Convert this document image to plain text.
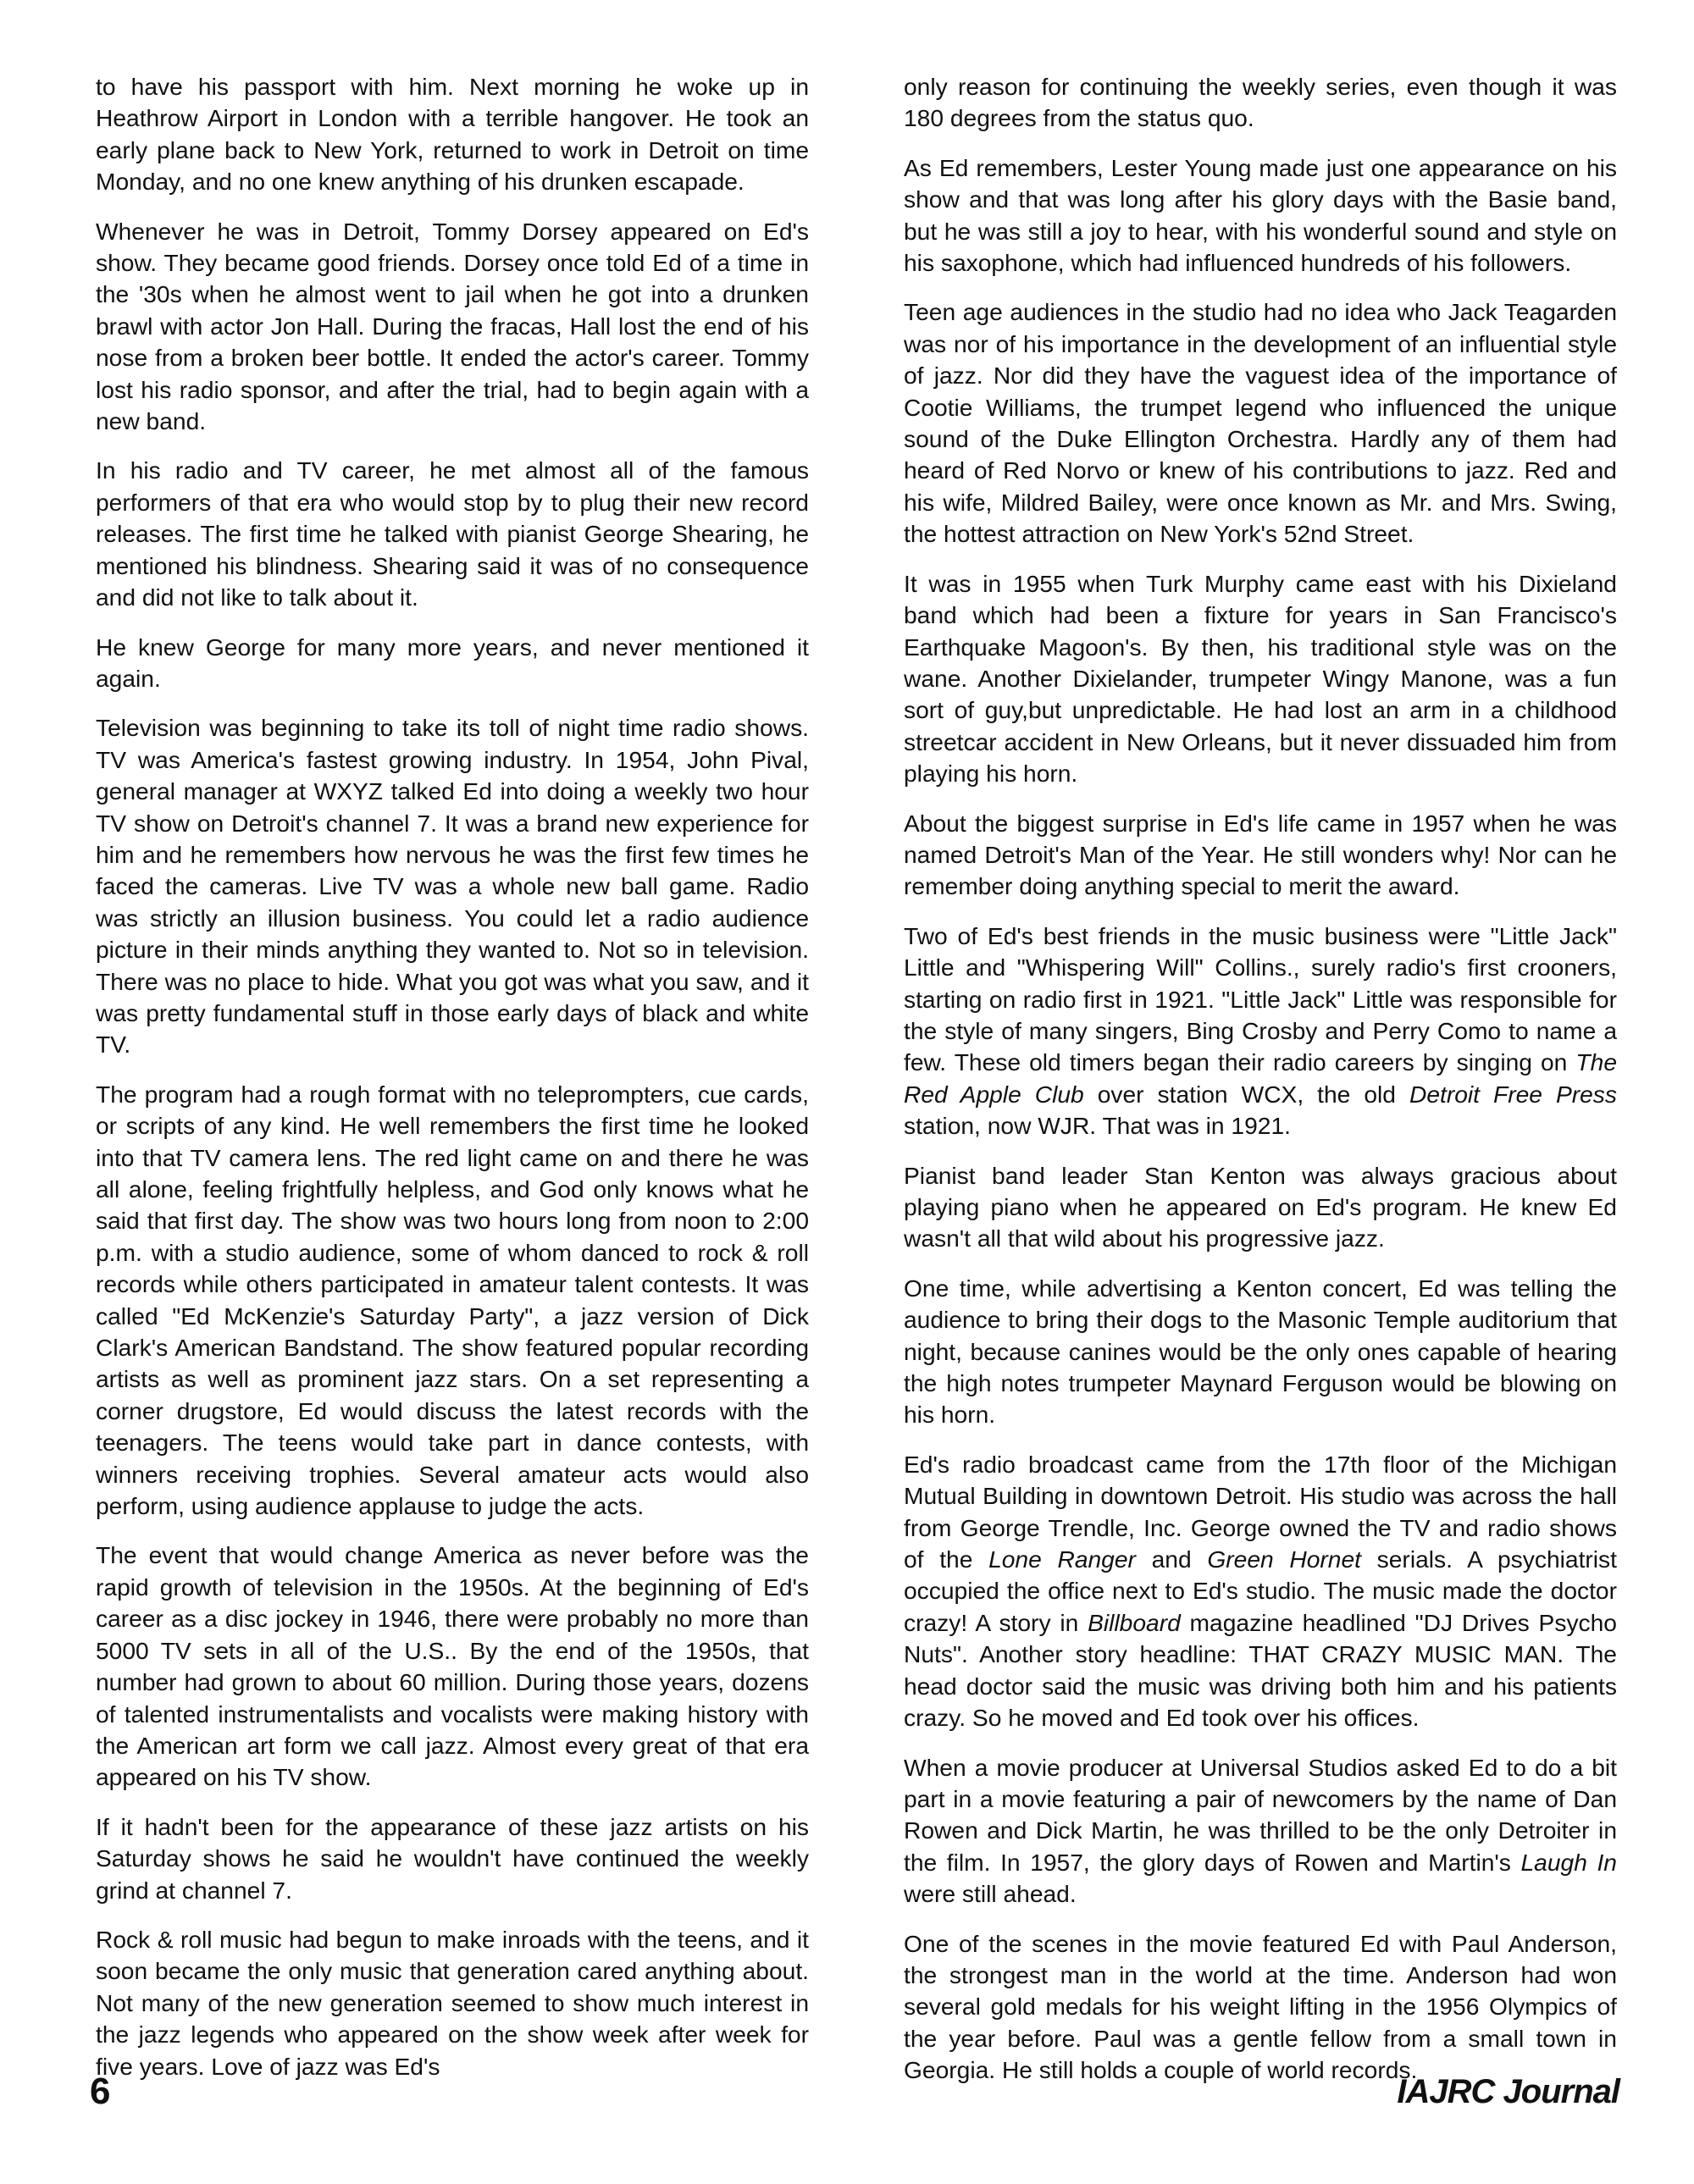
to have his passport with him. Next morning he woke up in Heathrow Airport in London with a terrible hangover. He took an early plane back to New York, returned to work in Detroit on time Monday, and no one knew anything of his drunken escapade.

Whenever he was in Detroit, Tommy Dorsey appeared on Ed's show. They became good friends. Dorsey once told Ed of a time in the '30s when he almost went to jail when he got into a drunken brawl with actor Jon Hall. During the fracas, Hall lost the end of his nose from a broken beer bottle. It ended the actor's career. Tommy lost his radio sponsor, and after the trial, had to begin again with a new band.

In his radio and TV career, he met almost all of the famous performers of that era who would stop by to plug their new record releases. The first time he talked with pianist George Shearing, he mentioned his blindness. Shearing said it was of no consequence and did not like to talk about it.

He knew George for many more years, and never mentioned it again.

Television was beginning to take its toll of night time radio shows. TV was America's fastest growing industry. In 1954, John Pival, general manager at WXYZ talked Ed into doing a weekly two hour TV show on Detroit's channel 7. It was a brand new experience for him and he remembers how nervous he was the first few times he faced the cameras. Live TV was a whole new ball game. Radio was strictly an illusion business. You could let a radio audience picture in their minds anything they wanted to. Not so in television. There was no place to hide. What you got was what you saw, and it was pretty fundamental stuff in those early days of black and white TV.

The program had a rough format with no teleprompters, cue cards, or scripts of any kind. He well remembers the first time he looked into that TV camera lens. The red light came on and there he was all alone, feeling frightfully helpless, and God only knows what he said that first day. The show was two hours long from noon to 2:00 p.m. with a studio audience, some of whom danced to rock & roll records while others participated in amateur talent contests. It was called "Ed McKenzie's Saturday Party", a jazz version of Dick Clark's American Bandstand. The show featured popular recording artists as well as prominent jazz stars. On a set representing a corner drugstore, Ed would discuss the latest records with the teenagers. The teens would take part in dance contests, with winners receiving trophies. Several amateur acts would also perform, using audience applause to judge the acts.

The event that would change America as never before was the rapid growth of television in the 1950s. At the beginning of Ed's career as a disc jockey in 1946, there were probably no more than 5000 TV sets in all of the U.S.. By the end of the 1950s, that number had grown to about 60 million. During those years, dozens of talented instrumentalists and vocalists were making history with the American art form we call jazz. Almost every great of that era appeared on his TV show.

If it hadn't been for the appearance of these jazz artists on his Saturday shows he said he wouldn't have continued the weekly grind at channel 7.

Rock & roll music had begun to make inroads with the teens, and it soon became the only music that generation cared anything about. Not many of the new generation seemed to show much interest in the jazz legends who appeared on the show week after week for five years. Love of jazz was Ed's

only reason for continuing the weekly series, even though it was 180 degrees from the status quo.

As Ed remembers, Lester Young made just one appearance on his show and that was long after his glory days with the Basie band, but he was still a joy to hear, with his wonderful sound and style on his saxophone, which had influenced hundreds of his followers.

Teen age audiences in the studio had no idea who Jack Teagarden was nor of his importance in the development of an influential style of jazz. Nor did they have the vaguest idea of the importance of Cootie Williams, the trumpet legend who influenced the unique sound of the Duke Ellington Orchestra. Hardly any of them had heard of Red Norvo or knew of his contributions to jazz. Red and his wife, Mildred Bailey, were once known as Mr. and Mrs. Swing, the hottest attraction on New York's 52nd Street.

It was in 1955 when Turk Murphy came east with his Dixieland band which had been a fixture for years in San Francisco's Earthquake Magoon's. By then, his traditional style was on the wane. Another Dixielander, trumpeter Wingy Manone, was a fun sort of guy,but unpredictable. He had lost an arm in a childhood streetcar accident in New Orleans, but it never dissuaded him from playing his horn.

About the biggest surprise in Ed's life came in 1957 when he was named Detroit's Man of the Year. He still wonders why! Nor can he remember doing anything special to merit the award.

Two of Ed's best friends in the music business were "Little Jack" Little and "Whispering Will" Collins., surely radio's first crooners, starting on radio first in 1921. "Little Jack" Little was responsible for the style of many singers, Bing Crosby and Perry Como to name a few. These old timers began their radio careers by singing on The Red Apple Club over station WCX, the old Detroit Free Press station, now WJR. That was in 1921.

Pianist band leader Stan Kenton was always gracious about playing piano when he appeared on Ed's program. He knew Ed wasn't all that wild about his progressive jazz.

One time, while advertising a Kenton concert, Ed was telling the audience to bring their dogs to the Masonic Temple auditorium that night, because canines would be the only ones capable of hearing the high notes trumpeter Maynard Ferguson would be blowing on his horn.

Ed's radio broadcast came from the 17th floor of the Michigan Mutual Building in downtown Detroit. His studio was across the hall from George Trendle, Inc. George owned the TV and radio shows of the Lone Ranger and Green Hornet serials. A psychiatrist occupied the office next to Ed's studio. The music made the doctor crazy! A story in Billboard magazine headlined "DJ Drives Psycho Nuts". Another story headline: THAT CRAZY MUSIC MAN. The head doctor said the music was driving both him and his patients crazy. So he moved and Ed took over his offices.

When a movie producer at Universal Studios asked Ed to do a bit part in a movie featuring a pair of newcomers by the name of Dan Rowen and Dick Martin, he was thrilled to be the only Detroiter in the film. In 1957, the glory days of Rowen and Martin's Laugh In were still ahead.

One of the scenes in the movie featured Ed with Paul Anderson, the strongest man in the world at the time. Anderson had won several gold medals for his weight lifting in the 1956 Olympics of the year before. Paul was a gentle fellow from a small town in Georgia. He still holds a couple of world records.

6	IAJRC Journal
